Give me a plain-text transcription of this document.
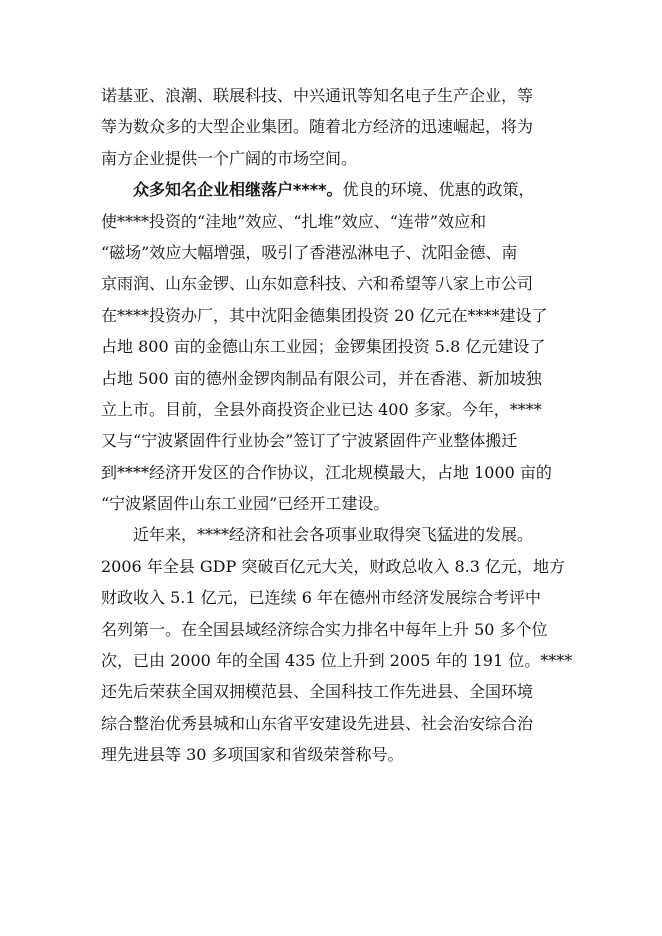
诺基亚、浪潮、联展科技、中兴通讯等知名电子生产企业，等
等为数众多的大型企业集团。随着北方经济的迅速崛起，将为
南方企业提供一个广阔的市场空间。
众多知名企业相继落户****。优良的环境、优惠的政策，
使****投资的“洼地”效应、“扎堆”效应、“连带”效应和
“磁场”效应大幅增强，吸引了香港泓淋电子、沈阳金德、南
京雨润、山东金锣、山东如意科技、六和希望等八家上市公司
在****投资办厂，其中沈阳金德集团投资 20 亿元在****建设了
占地 800 亩的金德山东工业园；金锣集团投资 5.8 亿元建设了
占地 500 亩的德州金锣肉制品有限公司，并在香港、新加坡独
立上市。目前，全县外商投资企业已达 400 多家。今年，****
又与“宁波紧固件行业协会”签订了宁波紧固件产业整体搬迁
到****经济开发区的合作协议，江北规模最大，占地 1000 亩的
“宁波紧固件山东工业园”已经开工建设。
近年来，****经济和社会各项事业取得突飞猛进的发展。
2006 年全县 GDP 突破百亿元大关，财政总收入 8.3 亿元，地方
财政收入 5.1 亿元，已连续 6 年在德州市经济发展综合考评中
名列第一。在全国县域经济综合实力排名中每年上升 50 多个位
次，已由 2000 年的全国 435 位上升到 2005 年的 191 位。****
还先后荣获全国双拥模范县、全国科技工作先进县、全国环境
综合整治优秀县城和山东省平安建设先进县、社会治安综合治
理先进县等 30 多项国家和省级荣誉称号。
